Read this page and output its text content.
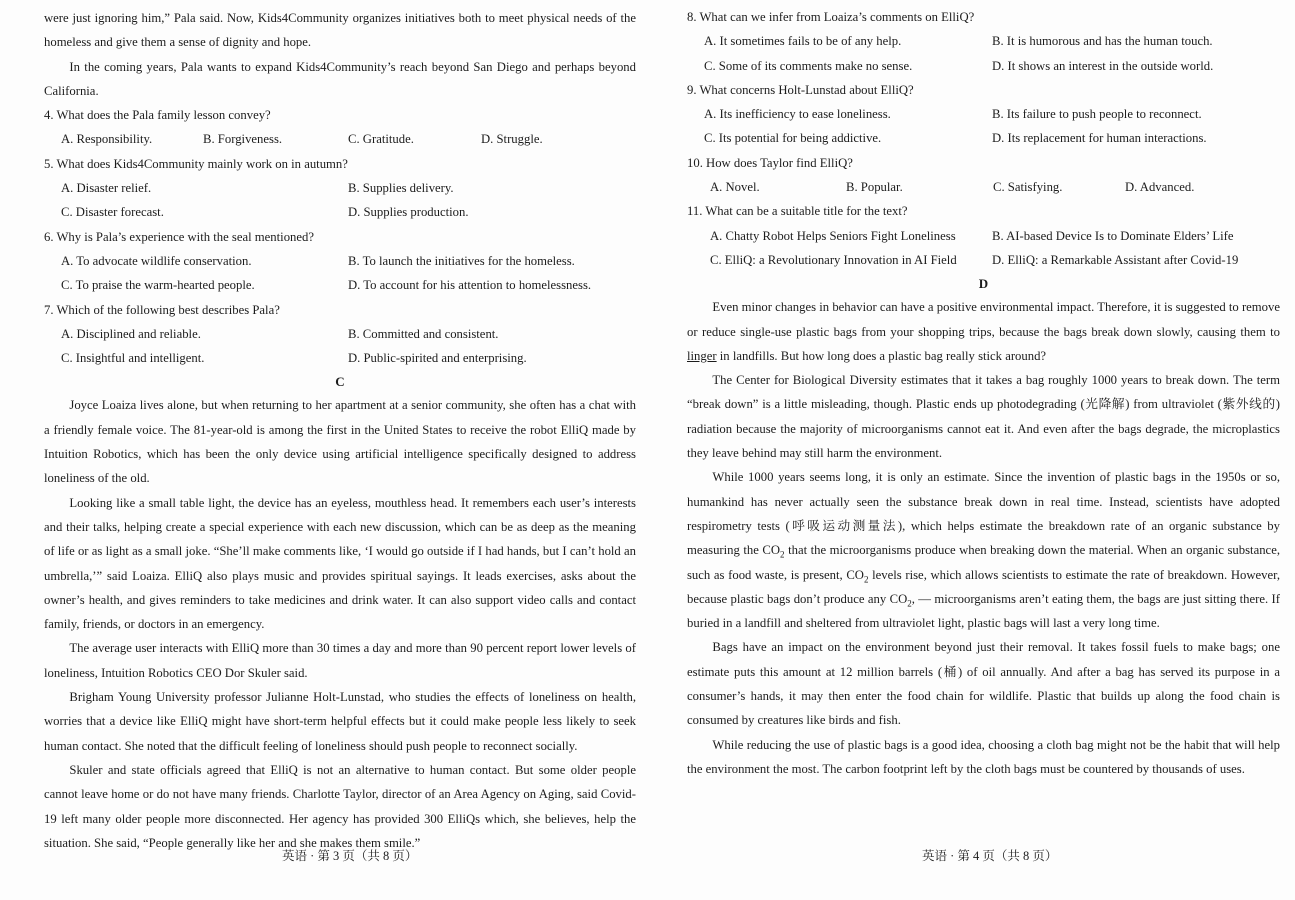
were just ignoring him,” Pala said. Now, Kids4Community organizes initiatives both to meet physical needs of the homeless and give them a sense of dignity and hope.

In the coming years, Pala wants to expand Kids4Community’s reach beyond San Diego and perhaps beyond California.

4. What does the Pala family lesson convey?
A. Responsibility.	B. Forgiveness.	C. Gratitude.	D. Struggle.
5. What does Kids4Community mainly work on in autumn?
A. Disaster relief.	B. Supplies delivery.
C. Disaster forecast.	D. Supplies production.
6. Why is Pala’s experience with the seal mentioned?
A. To advocate wildlife conservation.	B. To launch the initiatives for the homeless.
C. To praise the warm-hearted people.	D. To account for his attention to homelessness.
7. Which of the following best describes Pala?
A. Disciplined and reliable.	B. Committed and consistent.
C. Insightful and intelligent.	D. Public-spirited and enterprising.
C

Joyce Loaiza lives alone, but when returning to her apartment at a senior community, she often has a chat with a friendly female voice. The 81-year-old is among the first in the United States to receive the robot ElliQ made by Intuition Robotics, which has been the only device using artificial intelligence specifically designed to address loneliness of the old.

Looking like a small table light, the device has an eyeless, mouthless head. It remembers each user’s interests and their talks, helping create a special experience with each new discussion, which can be as deep as the meaning of life or as light as a small joke. “She’ll make comments like, ‘I would go outside if I had hands, but I can’t hold an umbrella,’” said Loaiza. ElliQ also plays music and provides spiritual sayings. It leads exercises, asks about the owner’s health, and gives reminders to take medicines and drink water. It can also support video calls and contact family, friends, or doctors in an emergency.

The average user interacts with ElliQ more than 30 times a day and more than 90 percent report lower levels of loneliness, Intuition Robotics CEO Dor Skuler said.

Brigham Young University professor Julianne Holt-Lunstad, who studies the effects of loneliness on health, worries that a device like ElliQ might have short-term helpful effects but it could make people less likely to seek human contact. She noted that the difficult feeling of loneliness should push people to reconnect socially.

Skuler and state officials agreed that ElliQ is not an alternative to human contact. But some older people cannot leave home or do not have many friends. Charlotte Taylor, director of an Area Agency on Aging, said Covid-19 left many older people more disconnected. Her agency has provided 300 ElliQs which, she believes, help the situation. She said, “People generally like her and she makes them smile.”

英语 · 第 3 页（共 8 页）
8. What can we infer from Loaiza’s comments on ElliQ?
A. It sometimes fails to be of any help.	B. It is humorous and has the human touch.
C. Some of its comments make no sense.	D. It shows an interest in the outside world.
9. What concerns Holt-Lunstad about ElliQ?
A. Its inefficiency to ease loneliness.	B. Its failure to push people to reconnect.
C. Its potential for being addictive.	D. Its replacement for human interactions.
10. How does Taylor find ElliQ?
A. Novel.	B. Popular.	C. Satisfying.	D. Advanced.
11. What can be a suitable title for the text?
A. Chatty Robot Helps Seniors Fight Loneliness	B. AI-based Device Is to Dominate Elders’ Life
C. ElliQ: a Revolutionary Innovation in AI Field	D. ElliQ: a Remarkable Assistant after Covid-19
D

Even minor changes in behavior can have a positive environmental impact. Therefore, it is suggested to remove or reduce single-use plastic bags from your shopping trips, because the bags break down slowly, causing them to linger in landfills. But how long does a plastic bag really stick around?

The Center for Biological Diversity estimates that it takes a bag roughly 1000 years to break down. The term “break down” is a little misleading, though. Plastic ends up photodegrading (光降解) from ultraviolet (紫外线的) radiation because the majority of microorganisms cannot eat it. And even after the bags degrade, the microplastics they leave behind may still harm the environment.

While 1000 years seems long, it is only an estimate. Since the invention of plastic bags in the 1950s or so, humankind has never actually seen the substance break down in real time. Instead, scientists have adopted respirometry tests (呼吸运动测量法), which helps estimate the breakdown rate of an organic substance by measuring the $CO_2$ that the microorganisms produce when breaking down the material. When an organic substance, such as food waste, is present, $CO_2$ levels rise, which allows scientists to estimate the rate of breakdown. However, because plastic bags don’t produce any $CO_2$, — microorganisms aren’t eating them, the bags are just sitting there. If buried in a landfill and sheltered from ultraviolet light, plastic bags will last a very long time.

Bags have an impact on the environment beyond just their removal. It takes fossil fuels to make bags; one estimate puts this amount at 12 million barrels (桶) of oil annually. And after a bag has served its purpose in a consumer’s hands, it may then enter the food chain for wildlife. Plastic that builds up along the food chain is consumed by creatures like birds and fish.

While reducing the use of plastic bags is a good idea, choosing a cloth bag might not be the habit that will help the environment the most. The carbon footprint left by the cloth bags must be countered by thousands of uses.

英语 · 第 4 页（共 8 页）
